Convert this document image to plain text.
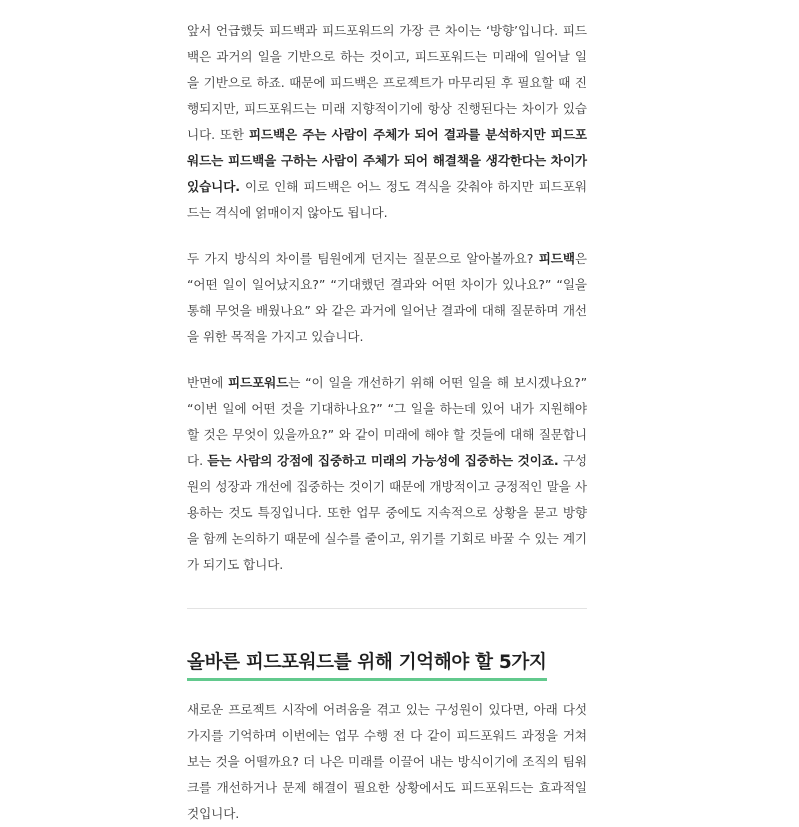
앞서 언급했듯 피드백과 피드포워드의 가장 큰 차이는 ‘방향’입니다. 피드백은 과거의 일을 기반으로 하는 것이고, 피드포워드는 미래에 일어날 일을 기반으로 하죠. 때문에 피드백은 프로젝트가 마무리된 후 필요할 때 진행되지만, 피드포워드는 미래 지향적이기에 항상 진행된다는 차이가 있습니다. 또한 피드백은 주는 사람이 주체가 되어 결과를 분석하지만 피드포워드는 피드백을 구하는 사람이 주체가 되어 해결책을 생각한다는 차이가 있습니다. 이로 인해 피드백은 어느 정도 격식을 갖춰야 하지만 피드포워드는 격식에 얽매이지 않아도 됩니다.

두 가지 방식의 차이를 팀원에게 던지는 질문으로 알아볼까요? 피드백은 “어떤 일이 일어났지요?” “기대했던 결과와 어떤 차이가 있나요?” “일을 통해 무엇을 배웠나요” 와 같은 과거에 일어난 결과에 대해 질문하며 개선을 위한 목적을 가지고 있습니다.

반면에 피드포워드는 “이 일을 개선하기 위해 어떤 일을 해 보시겠나요?” “이번 일에 어떤 것을 기대하나요?” “그 일을 하는데 있어 내가 지원해야 할 것은 무엇이 있을까요?” 와 같이 미래에 해야 할 것들에 대해 질문합니다. 듣는 사람의 강점에 집중하고 미래의 가능성에 집중하는 것이죠. 구성원의 성장과 개선에 집중하는 것이기 때문에 개방적이고 긍정적인 말을 사용하는 것도 특징입니다. 또한 업무 중에도 지속적으로 상황을 묻고 방향을 함께 논의하기 때문에 실수를 줄이고, 위기를 기회로 바꿀 수 있는 계기가 되기도 합니다.

올바른 피드포워드를 위해 기억해야 할 5가지

새로운 프로젝트 시작에 어려움을 겪고 있는 구성원이 있다면, 아래 다섯 가지를 기억하며 이번에는 업무 수행 전 다 같이 피드포워드 과정을 거쳐보는 것을 어떨까요? 더 나은 미래를 이끌어 내는 방식이기에 조직의 팀워크를 개선하거나 문제 해결이 필요한 상황에서도 피드포워드는 효과적일 것입니다.
